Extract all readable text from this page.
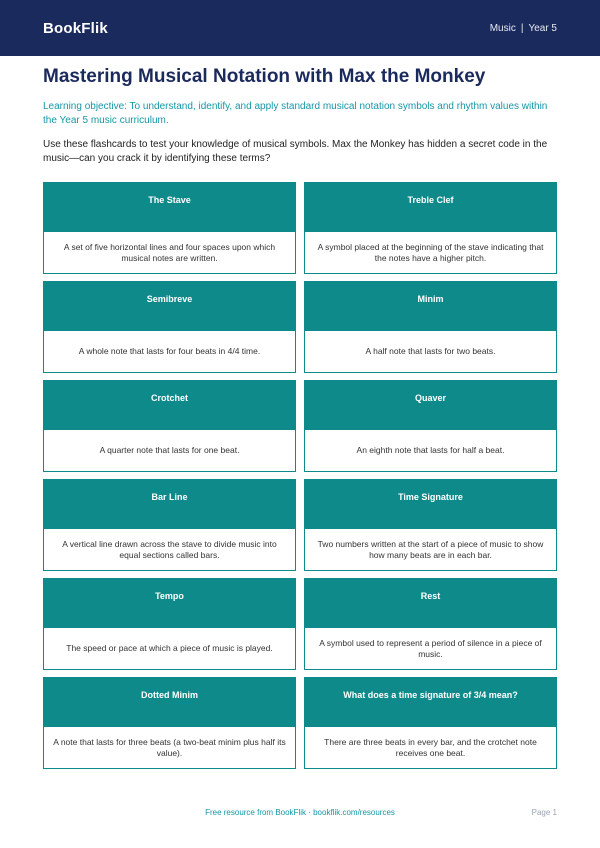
BookFlik	Music | Year 5
Mastering Musical Notation with Max the Monkey

Learning objective: To understand, identify, and apply standard musical notation symbols and rhythm values within the Year 5 music curriculum.

Use these flashcards to test your knowledge of musical symbols. Max the Monkey has hidden a secret code in the music—can you crack it by identifying these terms?

The Stave
A set of five horizontal lines and four spaces upon which musical notes are written.
Treble Clef
A symbol placed at the beginning of the stave indicating that the notes have a higher pitch.
Semibreve
A whole note that lasts for four beats in 4/4 time.
Minim
A half note that lasts for two beats.
Crotchet
A quarter note that lasts for one beat.
Quaver
An eighth note that lasts for half a beat.
Bar Line
A vertical line drawn across the stave to divide music into equal sections called bars.
Time Signature
Two numbers written at the start of a piece of music to show how many beats are in each bar.
Tempo
The speed or pace at which a piece of music is played.
Rest
A symbol used to represent a period of silence in a piece of music.
Dotted Minim
A note that lasts for three beats (a two-beat minim plus half its value).
What does a time signature of 3/4 mean?
There are three beats in every bar, and the crotchet note receives one beat.
Free resource from BookFlik · bookflik.com/resources	Page 1
